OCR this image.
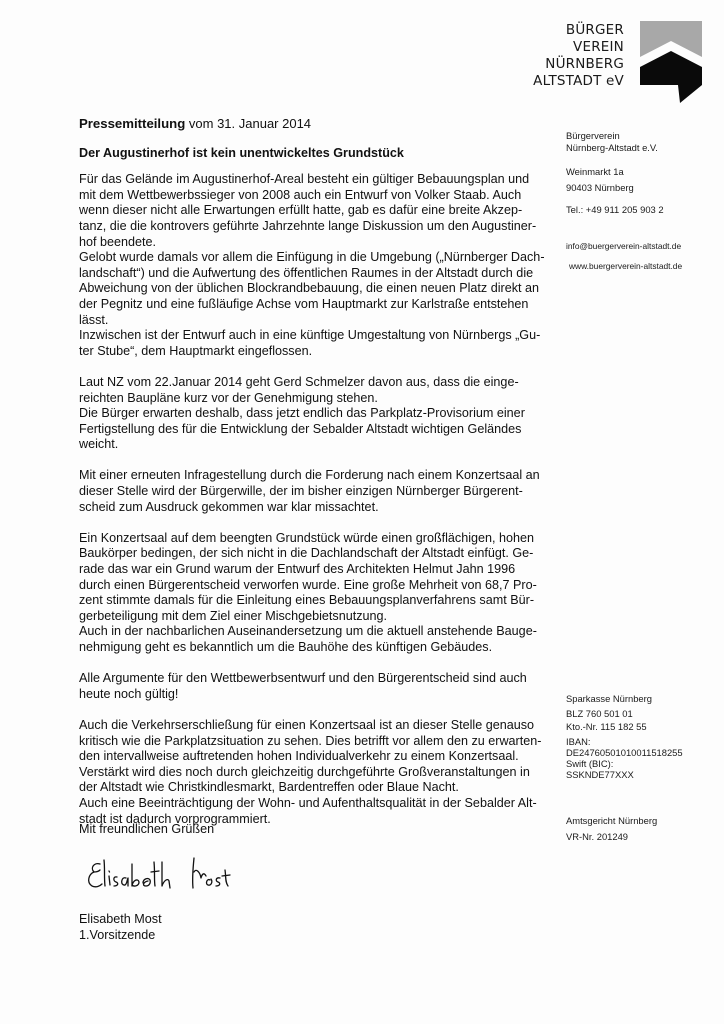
BÜRGER
VEREIN
NÜRNBERG
ALTSTADT eV
Pressemitteilung vom 31. Januar 2014
Der Augustinerhof ist kein unentwickeltes Grundstück
Für das Gelände im Augustinerhof-Areal besteht ein gültiger Bebauungsplan und
mit dem Wettbewerbssieger von 2008 auch ein Entwurf von Volker Staab. Auch
wenn dieser nicht alle Erwartungen erfüllt hatte, gab es dafür eine breite Akzep-
tanz, die die kontrovers geführte Jahrzehnte lange Diskussion um den Augustiner-
hof beendete.
Gelobt wurde damals vor allem die Einfügung in die Umgebung („Nürnberger Dach-
landschaft“) und die Aufwertung des öffentlichen Raumes in der Altstadt durch die
Abweichung von der üblichen Blockrandbebauung, die einen neuen Platz direkt an
der Pegnitz und eine fußläufige Achse vom Hauptmarkt zur Karlstraße entstehen
lässt.
Inzwischen ist der Entwurf auch in eine künftige Umgestaltung von Nürnbergs „Gu-
ter Stube“, dem Hauptmarkt eingeflossen.
Laut NZ vom 22.Januar 2014 geht Gerd Schmelzer davon aus, dass die einge-
reichten Baupläne kurz vor der Genehmigung stehen.
Die Bürger erwarten deshalb, dass jetzt endlich das Parkplatz-Provisorium einer
Fertigstellung des für die Entwicklung der Sebalder Altstadt wichtigen Geländes
weicht.
Mit einer erneuten Infragestellung durch die Forderung nach einem Konzertsaal an
dieser Stelle wird der Bürgerwille, der im bisher einzigen Nürnberger Bürgerent-
scheid zum Ausdruck gekommen war klar missachtet.
Ein Konzertsaal auf dem beengten Grundstück würde einen großflächigen, hohen
Baukörper bedingen, der sich nicht in die Dachlandschaft der Altstadt einfügt. Ge-
rade das war ein Grund warum der Entwurf des Architekten Helmut Jahn 1996
durch einen Bürgerentscheid verworfen wurde. Eine große Mehrheit von 68,7 Pro-
zent stimmte damals für die Einleitung eines Bebauungsplanverfahrens samt Bür-
gerbeteiligung mit dem Ziel einer Mischgebietsnutzung.
Auch in der nachbarlichen Auseinandersetzung um die aktuell anstehende Bauge-
nehmigung geht es bekanntlich um die Bauhöhe des künftigen Gebäudes.
Alle Argumente für den Wettbewerbsentwurf und den Bürgerentscheid sind auch
heute noch gültig!
Auch die Verkehrserschließung für einen Konzertsaal ist an dieser Stelle genauso
kritisch wie die Parkplatzsituation zu sehen. Dies betrifft vor allem den zu erwarten-
den intervallweise auftretenden hohen Individualverkehr zu einem Konzertsaal.
Verstärkt wird dies noch durch gleichzeitig durchgeführte Großveranstaltungen in
der Altstadt wie Christkindlesmarkt, Bardentreffen oder Blaue Nacht.
Auch eine Beeinträchtigung der Wohn- und Aufenthaltsqualität in der Sebalder Alt-
stadt ist dadurch vorprogrammiert.
Mit freundlichen Grüßen
Elisabeth Most
1.Vorsitzende
Bürgerverein
Nürnberg-Altstadt e.V.
Weinmarkt 1a
90403 Nürnberg
Tel.: +49 911 205 903 2
info@buergerverein-altstadt.de
www.buergerverein-altstadt.de
Sparkasse Nürnberg
BLZ 760 501 01
Kto.-Nr. 115 182 55
IBAN:
DE24760501010011518255
Swift (BIC):
SSKNDE77XXX
Amtsgericht Nürnberg
VR-Nr. 201249
